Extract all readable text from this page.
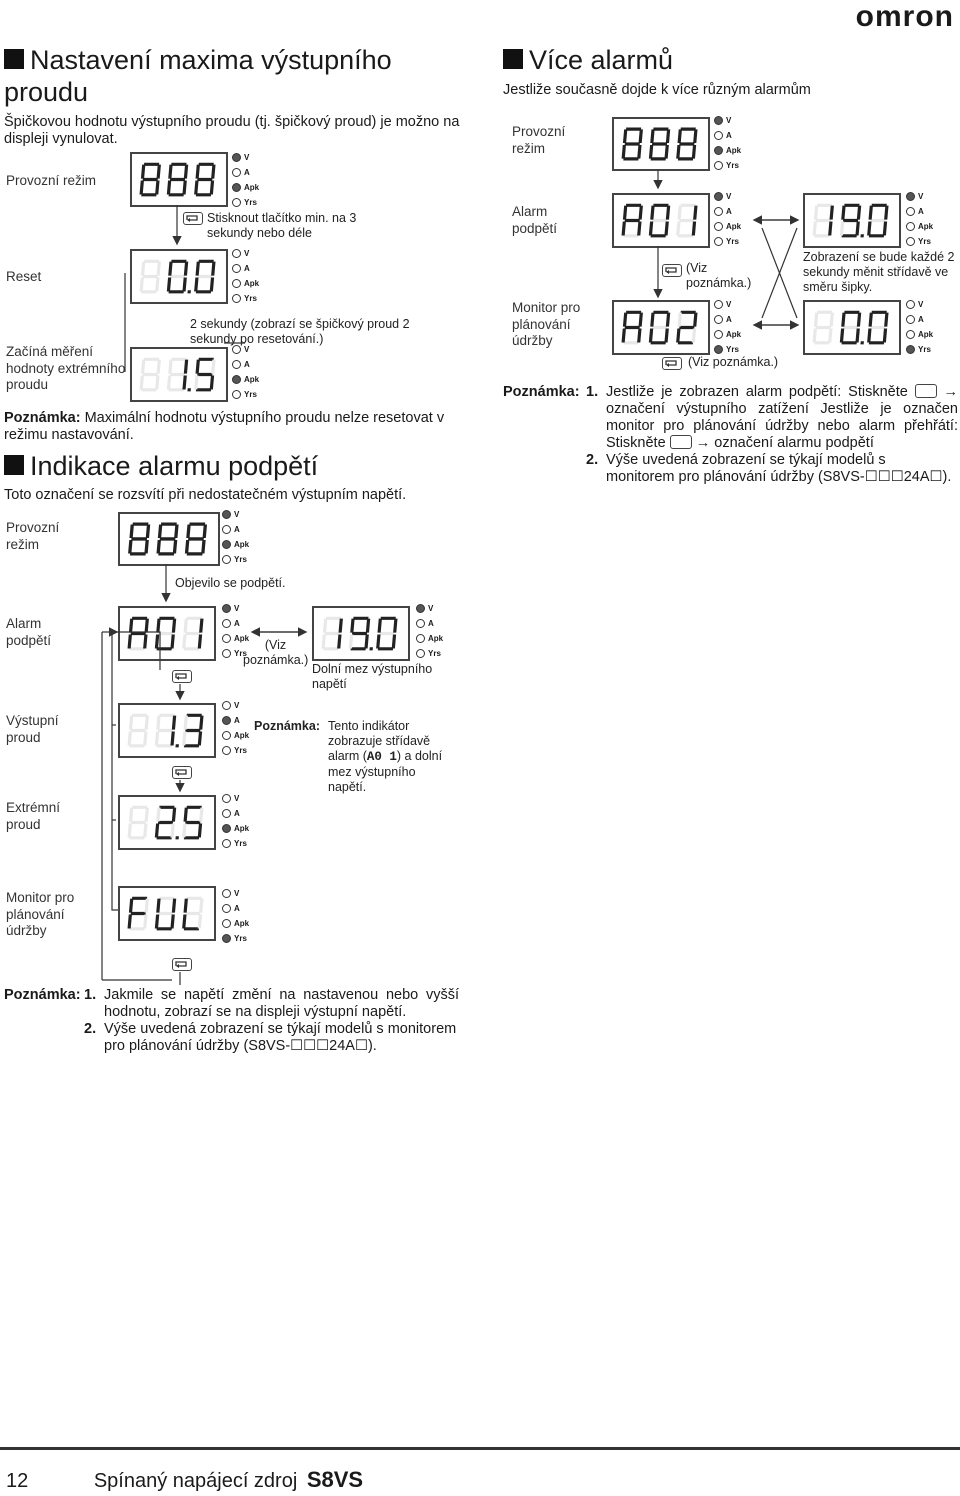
omron
Nastavení maxima výstupního proudu
Špičkovou hodnotu výstupního proudu (tj. špičkový proud) je možno na displeji vynulovat.
Provozní režim
Reset
Začíná měření hodnoty extrémního proudu
V
A
Apk
Yrs
Stisknout tlačítko min. na 3 sekundy nebo déle
V
A
Apk
Yrs
2 sekundy (zobrazí se špičkový proud 2 sekundy po resetování.)
V
A
Apk
Yrs
Poznámka: Maximální hodnotu výstupního proudu nelze resetovat v režimu nastavování.
Indikace alarmu podpětí
Toto označení se rozsvítí při nedostatečném výstupním napětí.
Provozní režim
V
A
Apk
Yrs
Objevilo se podpětí.
Alarm podpětí
V
A
Apk
Yrs
(Viz poznámka.)
V
A
Apk
Yrs
Dolní mez výstupního napětí
Výstupní proud
V
A
Apk
Yrs
Poznámka: Tento indikátor zobrazuje střídavě alarm (A0 1) a dolní mez výstupního napětí.
Extrémní proud
V
A
Apk
Yrs
Monitor pro plánování údržby
V
A
Apk
Yrs
Poznámka: 1. Jakmile se napětí změní na nastavenou nebo vyšší hodnotu, zobrazí se na displeji výstupní napětí.
2. Výše uvedená zobrazení se týkají modelů s monitorem pro plánování údržby (S8VS-☐☐☐24A☐).
Více alarmů
Jestliže současně dojde k více různým alarmům
Provozní režim
V
A
Apk
Yrs
Alarm podpětí
V
A
Apk
Yrs
(Viz poznámka.)
V
A
Apk
Yrs
Zobrazení se bude každé 2 sekundy měnit střídavě ve směru šipky.
Monitor pro plánování údržby
V
A
Apk
Yrs
(Viz poznámka.)
V
A
Apk
Yrs
Poznámka: 1. Jestliže je zobrazen alarm podpětí: Stiskněte → označení výstupního zatížení Jestliže je označen monitor pro plánování údržby nebo alarm přehřátí: Stiskněte → označení alarmu podpětí
2. Výše uvedená zobrazení se týkají modelů s monitorem pro plánování údržby (S8VS-☐☐☐24A☐).
12	Spínaný napájecí zdroj S8VS
